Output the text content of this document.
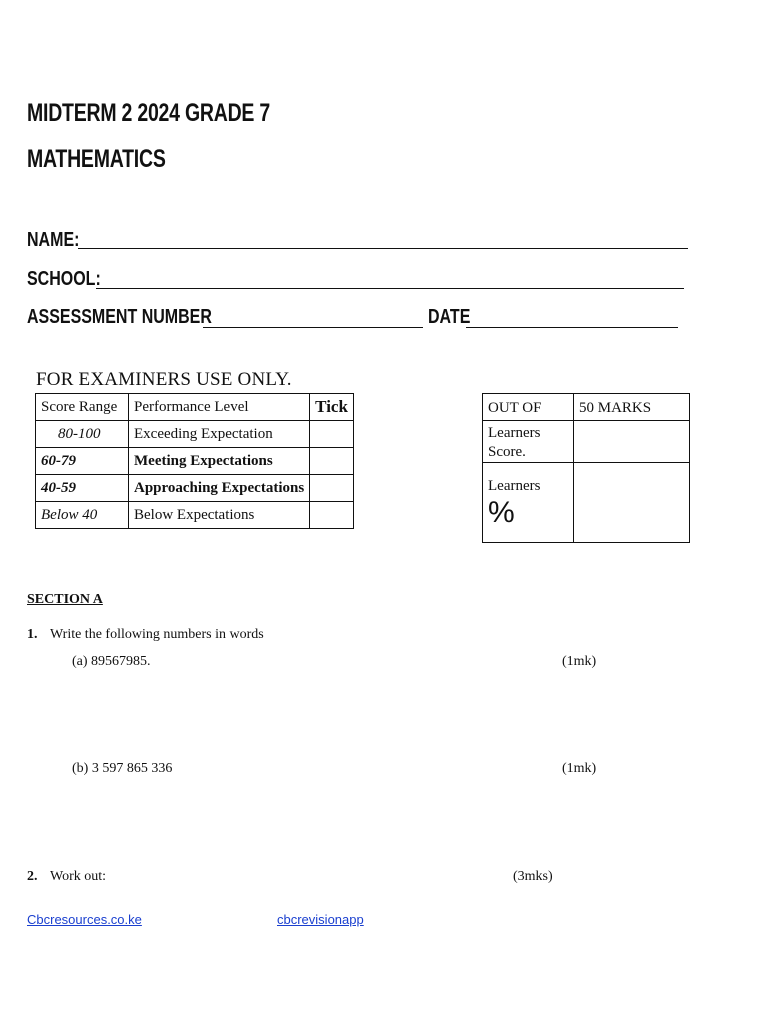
MIDTERM 2 2024 GRADE 7
MATHEMATICS
NAME:
SCHOOL:
ASSESSMENT NUMBER	DATE
FOR EXAMINERS USE ONLY.
Score Range	Performance Level	Tick
80-100	Exceeding Expectation	
60-79	Meeting Expectations	
40-59	Approaching Expectations	
Below 40	Below Expectations	
OUT OF	50 MARKS

Learners
Score.	

Learners
%	

SECTION A
1. Write the following numbers in words
(a) 89567985.	(1mk)
(b) 3 597 865 336	(1mk)
2. Work out:	(3mks)
Cbcresources.co.ke	cbcrevisionapp
